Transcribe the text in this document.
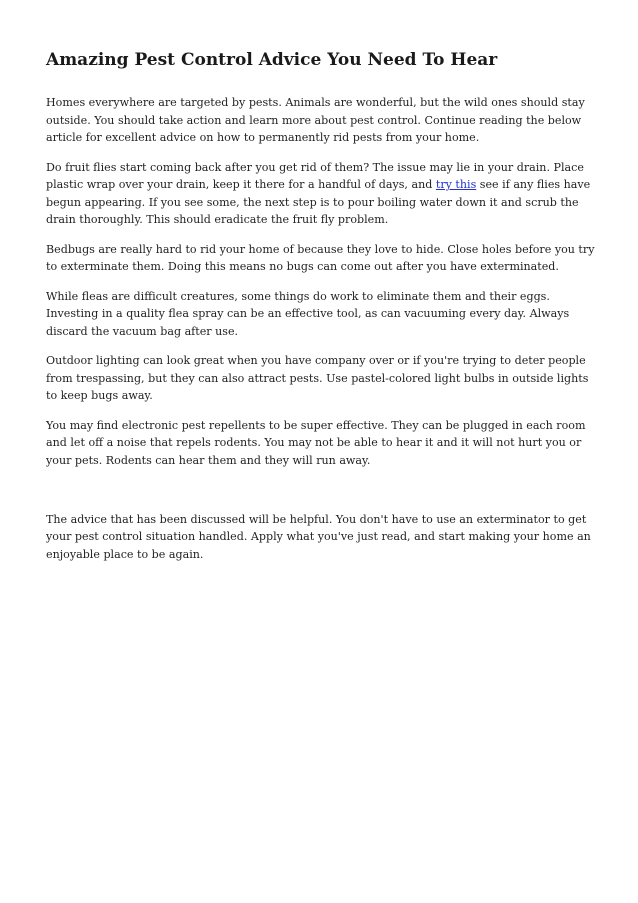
Amazing Pest Control Advice You Need To Hear

Homes everywhere are targeted by pests. Animals are wonderful, but the wild ones should stay outside. You should take action and learn more about pest control. Continue reading the below article for excellent advice on how to permanently rid pests from your home.

Do fruit flies start coming back after you get rid of them? The issue may lie in your drain. Place plastic wrap over your drain, keep it there for a handful of days, and try this see if any flies have begun appearing. If you see some, the next step is to pour boiling water down it and scrub the drain thoroughly. This should eradicate the fruit fly problem.

Bedbugs are really hard to rid your home of because they love to hide. Close holes before you try to exterminate them. Doing this means no bugs can come out after you have exterminated.

While fleas are difficult creatures, some things do work to eliminate them and their eggs. Investing in a quality flea spray can be an effective tool, as can vacuuming every day. Always discard the vacuum bag after use.

Outdoor lighting can look great when you have company over or if you're trying to deter people from trespassing, but they can also attract pests. Use pastel-colored light bulbs in outside lights to keep bugs away.

You may find electronic pest repellents to be super effective. They can be plugged in each room and let off a noise that repels rodents. You may not be able to hear it and it will not hurt you or your pets. Rodents can hear them and they will run away.

The advice that has been discussed will be helpful. You don't have to use an exterminator to get your pest control situation handled. Apply what you've just read, and start making your home an enjoyable place to be again.
